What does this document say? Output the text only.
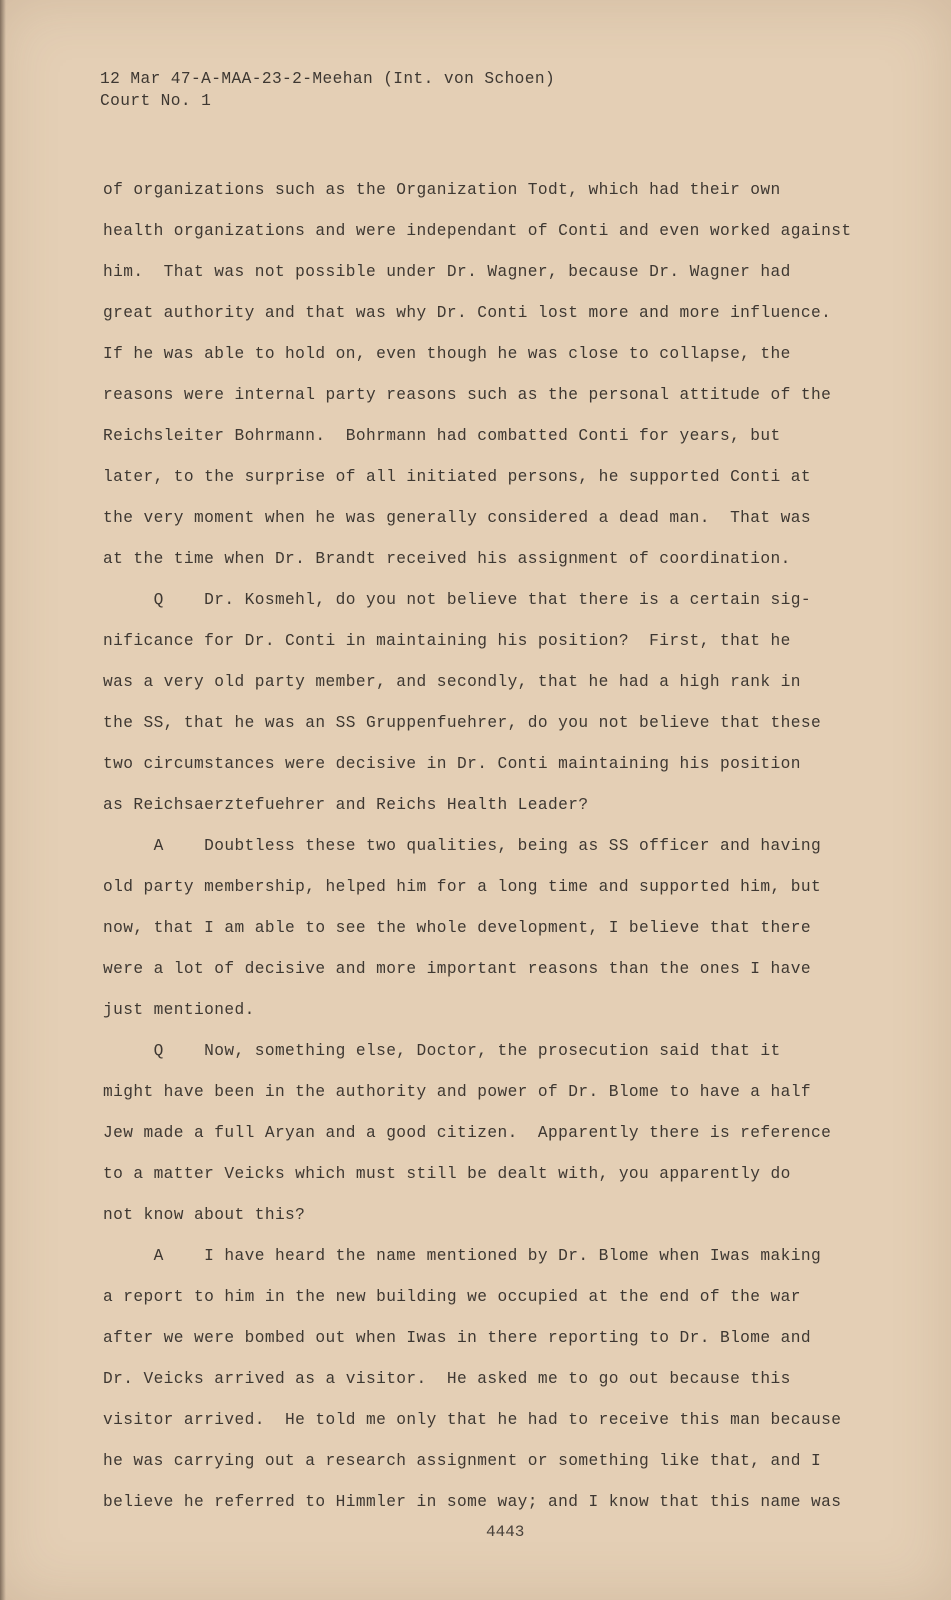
12 Mar 47-A-MAA-23-2-Meehan (Int. von Schoen)
Court No. 1
of organizations such as the Organization Todt, which had their own
health organizations and were independant of Conti and even worked against
him.  That was not possible under Dr. Wagner, because Dr. Wagner had
great authority and that was why Dr. Conti lost more and more influence.
If he was able to hold on, even though he was close to collapse, the
reasons were internal party reasons such as the personal attitude of the
Reichsleiter Bohrmann.  Bohrmann had combatted Conti for years, but
later, to the surprise of all initiated persons, he supported Conti at
the very moment when he was generally considered a dead man.  That was
at the time when Dr. Brandt received his assignment of coordination.
Q    Dr. Kosmehl, do you not believe that there is a certain sig-
nificance for Dr. Conti in maintaining his position?  First, that he
was a very old party member, and secondly, that he had a high rank in
the SS, that he was an SS Gruppenfuehrer, do you not believe that these
two circumstances were decisive in Dr. Conti maintaining his position
as Reichsaerztefuehrer and Reichs Health Leader?
A    Doubtless these two qualities, being as SS officer and having
old party membership, helped him for a long time and supported him, but
now, that I am able to see the whole development, I believe that there
were a lot of decisive and more important reasons than the ones I have
just mentioned.
Q    Now, something else, Doctor, the prosecution said that it
might have been in the authority and power of Dr. Blome to have a half
Jew made a full Aryan and a good citizen.  Apparently there is reference
to a matter Veicks which must still be dealt with, you apparently do
not know about this?
A    I have heard the name mentioned by Dr. Blome when Iwas making
a report to him in the new building we occupied at the end of the war
after we were bombed out when Iwas in there reporting to Dr. Blome and
Dr. Veicks arrived as a visitor.  He asked me to go out because this
visitor arrived.  He told me only that he had to receive this man because
he was carrying out a research assignment or something like that, and I
believe he referred to Himmler in some way; and I know that this name was
4443
